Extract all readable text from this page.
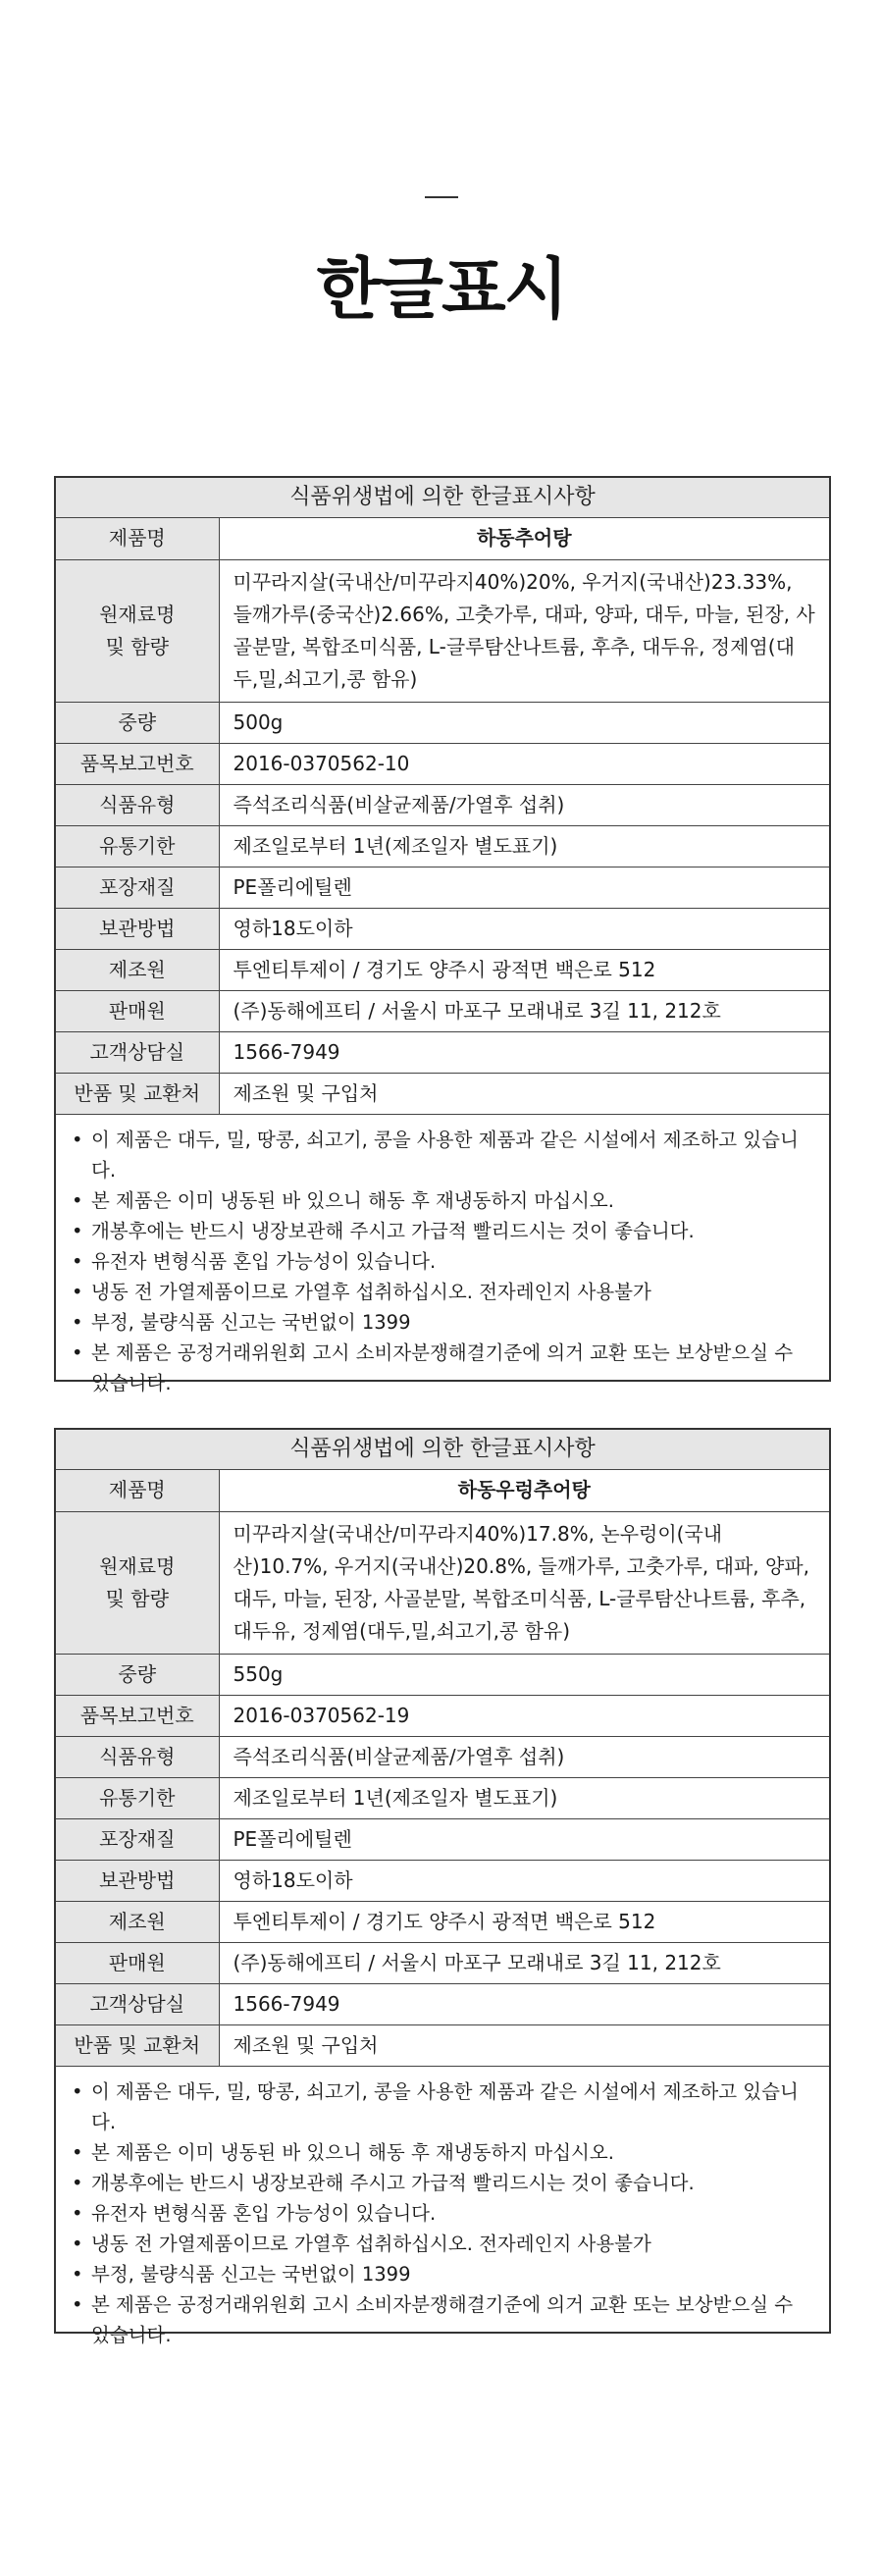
한글표시
식품위생법에 의한 한글표시사항
제품명	하동추어탕
원재료명
및 함량	미꾸라지살(국내산/미꾸라지40%)20%, 우거지(국내산)23.33%, 들깨가루(중국산)2.66%, 고춧가루, 대파, 양파, 대두, 마늘, 된장, 사골분말, 복합조미식품, L-글루탐산나트륨, 후추, 대두유, 정제염(대두,밀,쇠고기,콩 함유)
중량	500g
품목보고번호	2016-0370562-10
식품유형	즉석조리식품(비살균제품/가열후 섭취)
유통기한	제조일로부터 1년(제조일자 별도표기)
포장재질	PE폴리에틸렌
보관방법	영하18도이하
제조원	투엔티투제이 / 경기도 양주시 광적면 백은로 512
판매원	(주)동해에프티 / 서울시 마포구 모래내로 3길 11, 212호
고객상담실	1566-7949
반품 및 교환처	제조원 및 구입처
• 이 제품은 대두, 밀, 땅콩, 쇠고기, 콩을 사용한 제품과 같은 시설에서 제조하고 있습니다.
• 본 제품은 이미 냉동된 바 있으니 해동 후 재냉동하지 마십시오.
• 개봉후에는 반드시 냉장보관해 주시고 가급적 빨리드시는 것이 좋습니다.
• 유전자 변형식품 혼입 가능성이 있습니다.
• 냉동 전 가열제품이므로 가열후 섭취하십시오. 전자레인지 사용불가
• 부정, 불량식품 신고는 국번없이 1399
• 본 제품은 공정거래위원회 고시 소비자분쟁해결기준에 의거 교환 또는 보상받으실 수 있습니다.
식품위생법에 의한 한글표시사항
제품명	하동우렁추어탕
원재료명
및 함량	미꾸라지살(국내산/미꾸라지40%)17.8%, 논우렁이(국내산)10.7%, 우거지(국내산)20.8%, 들깨가루, 고춧가루, 대파, 양파, 대두, 마늘, 된장, 사골분말, 복합조미식품, L-글루탐산나트륨, 후추, 대두유, 정제염(대두,밀,쇠고기,콩 함유)
중량	550g
품목보고번호	2016-0370562-19
식품유형	즉석조리식품(비살균제품/가열후 섭취)
유통기한	제조일로부터 1년(제조일자 별도표기)
포장재질	PE폴리에틸렌
보관방법	영하18도이하
제조원	투엔티투제이 / 경기도 양주시 광적면 백은로 512
판매원	(주)동해에프티 / 서울시 마포구 모래내로 3길 11, 212호
고객상담실	1566-7949
반품 및 교환처	제조원 및 구입처
• 이 제품은 대두, 밀, 땅콩, 쇠고기, 콩을 사용한 제품과 같은 시설에서 제조하고 있습니다.
• 본 제품은 이미 냉동된 바 있으니 해동 후 재냉동하지 마십시오.
• 개봉후에는 반드시 냉장보관해 주시고 가급적 빨리드시는 것이 좋습니다.
• 유전자 변형식품 혼입 가능성이 있습니다.
• 냉동 전 가열제품이므로 가열후 섭취하십시오. 전자레인지 사용불가
• 부정, 불량식품 신고는 국번없이 1399
• 본 제품은 공정거래위원회 고시 소비자분쟁해결기준에 의거 교환 또는 보상받으실 수 있습니다.
